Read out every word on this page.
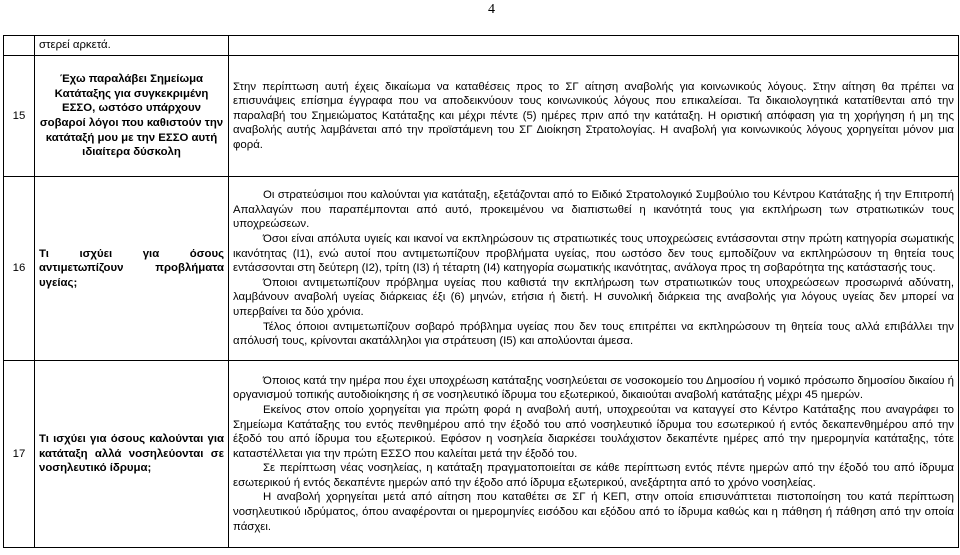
4
	στερεί αρκετά.	
15	Έχω παραλάβει Σημείωμα Κατάταξης για συγκεκριμένη ΕΣΣΟ, ωστόσο υπάρχουν σοβαροί λόγοι που καθιστούν την κατάταξή μου με την ΕΣΣΟ αυτή ιδιαίτερα δύσκολη	Στην περίπτωση αυτή έχεις δικαίωμα να καταθέσεις προς το ΣΓ αίτηση αναβολής για κοινωνικούς λόγους. Στην αίτηση θα πρέπει να επισυνάψεις επίσημα έγγραφα που να αποδεικνύουν τους κοινωνικούς λόγους που επικαλείσαι. Τα δικαιολογητικά κατατίθενται από την παραλαβή του Σημειώματος Κατάταξης και μέχρι πέντε (5) ημέρες πριν από την κατάταξη. Η οριστική απόφαση για τη χορήγηση ή μη της αναβολής αυτής λαμβάνεται από την προϊστάμενη του ΣΓ Διοίκηση Στρατολογίας. Η αναβολή για κοινωνικούς λόγους χορηγείται μόνον μια φορά.
16	Τι ισχύει για όσους αντιμετωπίζουν προβλήματα υγείας;	Οι στρατεύσιμοι που καλούνται για κατάταξη, εξετάζονται από το Ειδικό Στρατολογικό Συμβούλιο του Κέντρου Κατάταξης ή την Επιτροπή Απαλλαγών που παραπέμπονται από αυτό, προκειμένου να διαπιστωθεί η ικανότητά τους για εκπλήρωση των στρατιωτικών τους υποχρεώσεων.

Όσοι είναι απόλυτα υγιείς και ικανοί να εκπληρώσουν τις στρατιωτικές τους υποχρεώσεις εντάσσονται στην πρώτη κατηγορία σωματικής ικανότητας (Ι1), ενώ αυτοί που αντιμετωπίζουν προβλήματα υγείας, που ωστόσο δεν τους εμποδίζουν να εκπληρώσουν τη θητεία τους εντάσσονται στη δεύτερη (Ι2), τρίτη (Ι3) ή τέταρτη (Ι4) κατηγορία σωματικής ικανότητας, ανάλογα προς τη σοβαρότητα της κατάστασής τους.

Όποιοι αντιμετωπίζουν πρόβλημα υγείας που καθιστά την εκπλήρωση των στρατιωτικών τους υποχρεώσεων προσωρινά αδύνατη, λαμβάνουν αναβολή υγείας διάρκειας έξι (6) μηνών, ετήσια ή διετή. Η συνολική διάρκεια της αναβολής για λόγους υγείας δεν μπορεί να υπερβαίνει τα δύο χρόνια.

Τέλος όποιοι αντιμετωπίζουν σοβαρό πρόβλημα υγείας που δεν τους επιτρέπει να εκπληρώσουν τη θητεία τους αλλά επιβάλλει την απόλυσή τους, κρίνονται ακατάλληλοι για στράτευση (Ι5) και απολύονται άμεσα.

17	Τι ισχύει για όσους καλούνται για κατάταξη αλλά νοσηλεύονται σε νοσηλευτικό ίδρυμα;	Όποιος κατά την ημέρα που έχει υποχρέωση κατάταξης νοσηλεύεται σε νοσοκομείο του Δημοσίου ή νομικό πρόσωπο δημοσίου δικαίου ή οργανισμού τοπικής αυτοδιοίκησης ή σε νοσηλευτικό ίδρυμα του εξωτερικού, δικαιούται αναβολή κατάταξης μέχρι 45 ημερών.

Εκείνος στον οποίο χορηγείται για πρώτη φορά η αναβολή αυτή, υποχρεούται να καταγγεί στο Κέντρο Κατάταξης που αναγράφει το Σημείωμα Κατάταξης του εντός πενθημέρου από την έξοδό του από νοσηλευτικό ίδρυμα του εσωτερικού ή εντός δεκαπενθημέρου από την έξοδό του από ίδρυμα του εξωτερικού. Εφόσον η νοσηλεία διαρκέσει τουλάχιστον δεκαπέντε ημέρες από την ημερομηνία κατάταξης, τότε καταστέλλεται για την πρώτη ΕΣΣΟ που καλείται μετά την έξοδό του.

Σε περίπτωση νέας νοσηλείας, η κατάταξη πραγματοποιείται σε κάθε περίπτωση εντός πέντε ημερών από την έξοδό του από ίδρυμα εσωτερικού ή εντός δεκαπέντε ημερών από την έξοδο από ίδρυμα εξωτερικού, ανεξάρτητα από το χρόνο νοσηλείας.

Η αναβολή χορηγείται μετά από αίτηση που καταθέτει σε ΣΓ ή ΚΕΠ, στην οποία επισυνάπτεται πιστοποίηση του κατά περίπτωση νοσηλευτικού ιδρύματος, όπου αναφέρονται οι ημερομηνίες εισόδου και εξόδου από το ίδρυμα καθώς και η πάθηση ή πάθηση από την οποία πάσχει.
